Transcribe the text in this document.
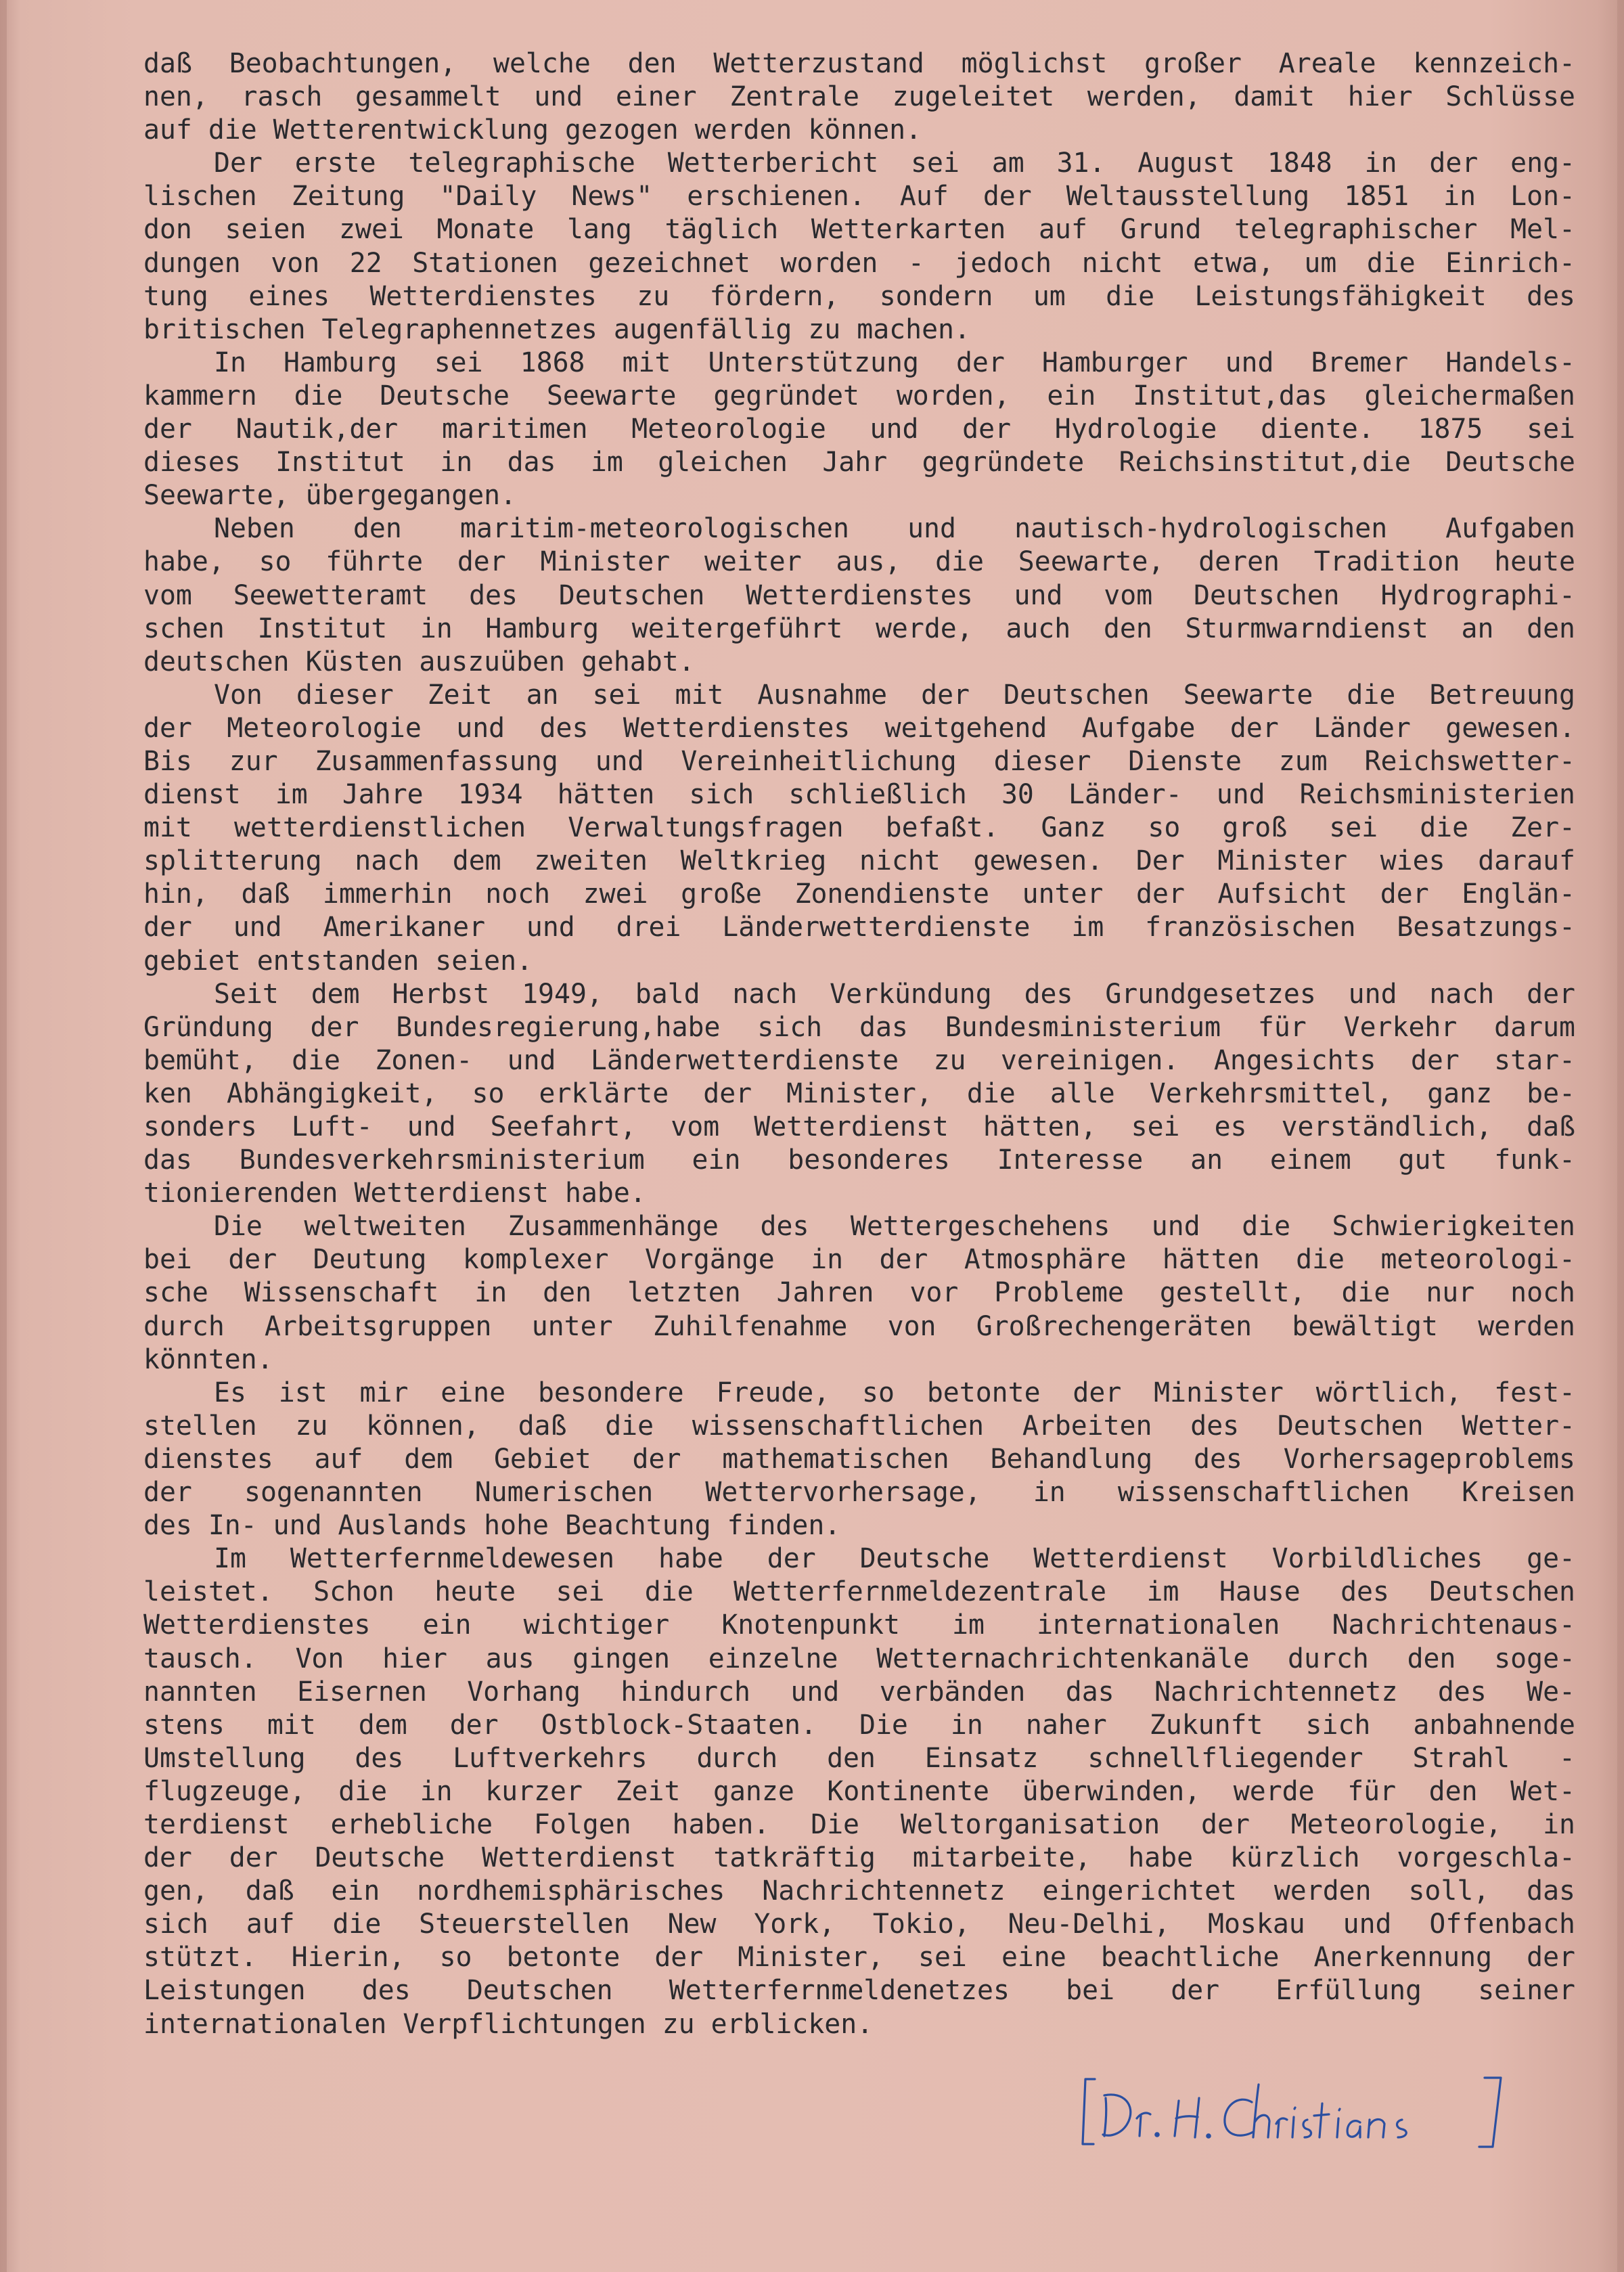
daß Beobachtungen, welche den Wetterzustand möglichst großer Areale kennzeich-
nen, rasch gesammelt und einer Zentrale zugeleitet werden, damit hier Schlüsse
auf die Wetterentwicklung gezogen werden können.
Der erste telegraphische Wetterbericht sei am 31. August 1848 in der eng-
lischen Zeitung "Daily News" erschienen. Auf der Weltausstellung 1851 in Lon-
don seien zwei Monate lang täglich Wetterkarten auf Grund telegraphischer Mel-
dungen von 22 Stationen gezeichnet worden - jedoch nicht etwa, um die Einrich-
tung eines Wetterdienstes zu fördern, sondern um die Leistungsfähigkeit des
britischen Telegraphennetzes augenfällig zu machen.
In Hamburg sei 1868 mit Unterstützung der Hamburger und Bremer Handels-
kammern die Deutsche Seewarte gegründet worden, ein Institut,das gleichermaßen
der Nautik,der maritimen Meteorologie und der Hydrologie diente. 1875 sei
dieses Institut in das im gleichen Jahr gegründete Reichsinstitut,die Deutsche
Seewarte, übergegangen.
Neben den maritim-meteorologischen und nautisch-hydrologischen Aufgaben
habe, so führte der Minister weiter aus, die Seewarte, deren Tradition heute
vom Seewetteramt des Deutschen Wetterdienstes und vom Deutschen Hydrographi-
schen Institut in Hamburg weitergeführt werde, auch den Sturmwarndienst an den
deutschen Küsten auszuüben gehabt.
Von dieser Zeit an sei mit Ausnahme der Deutschen Seewarte die Betreuung
der Meteorologie und des Wetterdienstes weitgehend Aufgabe der Länder gewesen.
Bis zur Zusammenfassung und Vereinheitlichung dieser Dienste zum Reichswetter-
dienst im Jahre 1934 hätten sich schließlich 30 Länder- und Reichsministerien
mit wetterdienstlichen Verwaltungsfragen befaßt. Ganz so groß sei die Zer-
splitterung nach dem zweiten Weltkrieg nicht gewesen. Der Minister wies darauf
hin, daß immerhin noch zwei große Zonendienste unter der Aufsicht der Englän-
der und Amerikaner und drei Länderwetterdienste im französischen Besatzungs-
gebiet entstanden seien.
Seit dem Herbst 1949, bald nach Verkündung des Grundgesetzes und nach der
Gründung der Bundesregierung,habe sich das Bundesministerium für Verkehr darum
bemüht, die Zonen- und Länderwetterdienste zu vereinigen. Angesichts der star-
ken Abhängigkeit, so erklärte der Minister, die alle Verkehrsmittel, ganz be-
sonders Luft- und Seefahrt, vom Wetterdienst hätten, sei es verständlich, daß
das Bundesverkehrsministerium ein besonderes Interesse an einem gut funk-
tionierenden Wetterdienst habe.
Die weltweiten Zusammenhänge des Wettergeschehens und die Schwierigkeiten
bei der Deutung komplexer Vorgänge in der Atmosphäre hätten die meteorologi-
sche Wissenschaft in den letzten Jahren vor Probleme gestellt, die nur noch
durch Arbeitsgruppen unter Zuhilfenahme von Großrechengeräten bewältigt werden
könnten.
Es ist mir eine besondere Freude, so betonte der Minister wörtlich, fest-
stellen zu können, daß die wissenschaftlichen Arbeiten des Deutschen Wetter-
dienstes auf dem Gebiet der mathematischen Behandlung des Vorhersageproblems
der sogenannten Numerischen Wettervorhersage, in wissenschaftlichen Kreisen
des In- und Auslands hohe Beachtung finden.
Im Wetterfernmeldewesen habe der Deutsche Wetterdienst Vorbildliches ge-
leistet. Schon heute sei die Wetterfernmeldezentrale im Hause des Deutschen
Wetterdienstes ein wichtiger Knotenpunkt im internationalen Nachrichtenaus-
tausch. Von hier aus gingen einzelne Wetternachrichtenkanäle durch den soge-
nannten Eisernen Vorhang hindurch und verbänden das Nachrichtennetz des We-
stens mit dem der Ostblock-Staaten. Die in naher Zukunft sich anbahnende
Umstellung des Luftverkehrs durch den Einsatz schnellfliegender Strahl -
flugzeuge, die in kurzer Zeit ganze Kontinente überwinden, werde für den Wet-
terdienst erhebliche Folgen haben. Die Weltorganisation der Meteorologie, in
der der Deutsche Wetterdienst tatkräftig mitarbeite, habe kürzlich vorgeschla-
gen, daß ein nordhemisphärisches Nachrichtennetz eingerichtet werden soll, das
sich auf die Steuerstellen New York, Tokio, Neu-Delhi, Moskau und Offenbach
stützt. Hierin, so betonte der Minister, sei eine beachtliche Anerkennung der
Leistungen des Deutschen Wetterfernmeldenetzes bei der Erfüllung seiner
internationalen Verpflichtungen zu erblicken.
